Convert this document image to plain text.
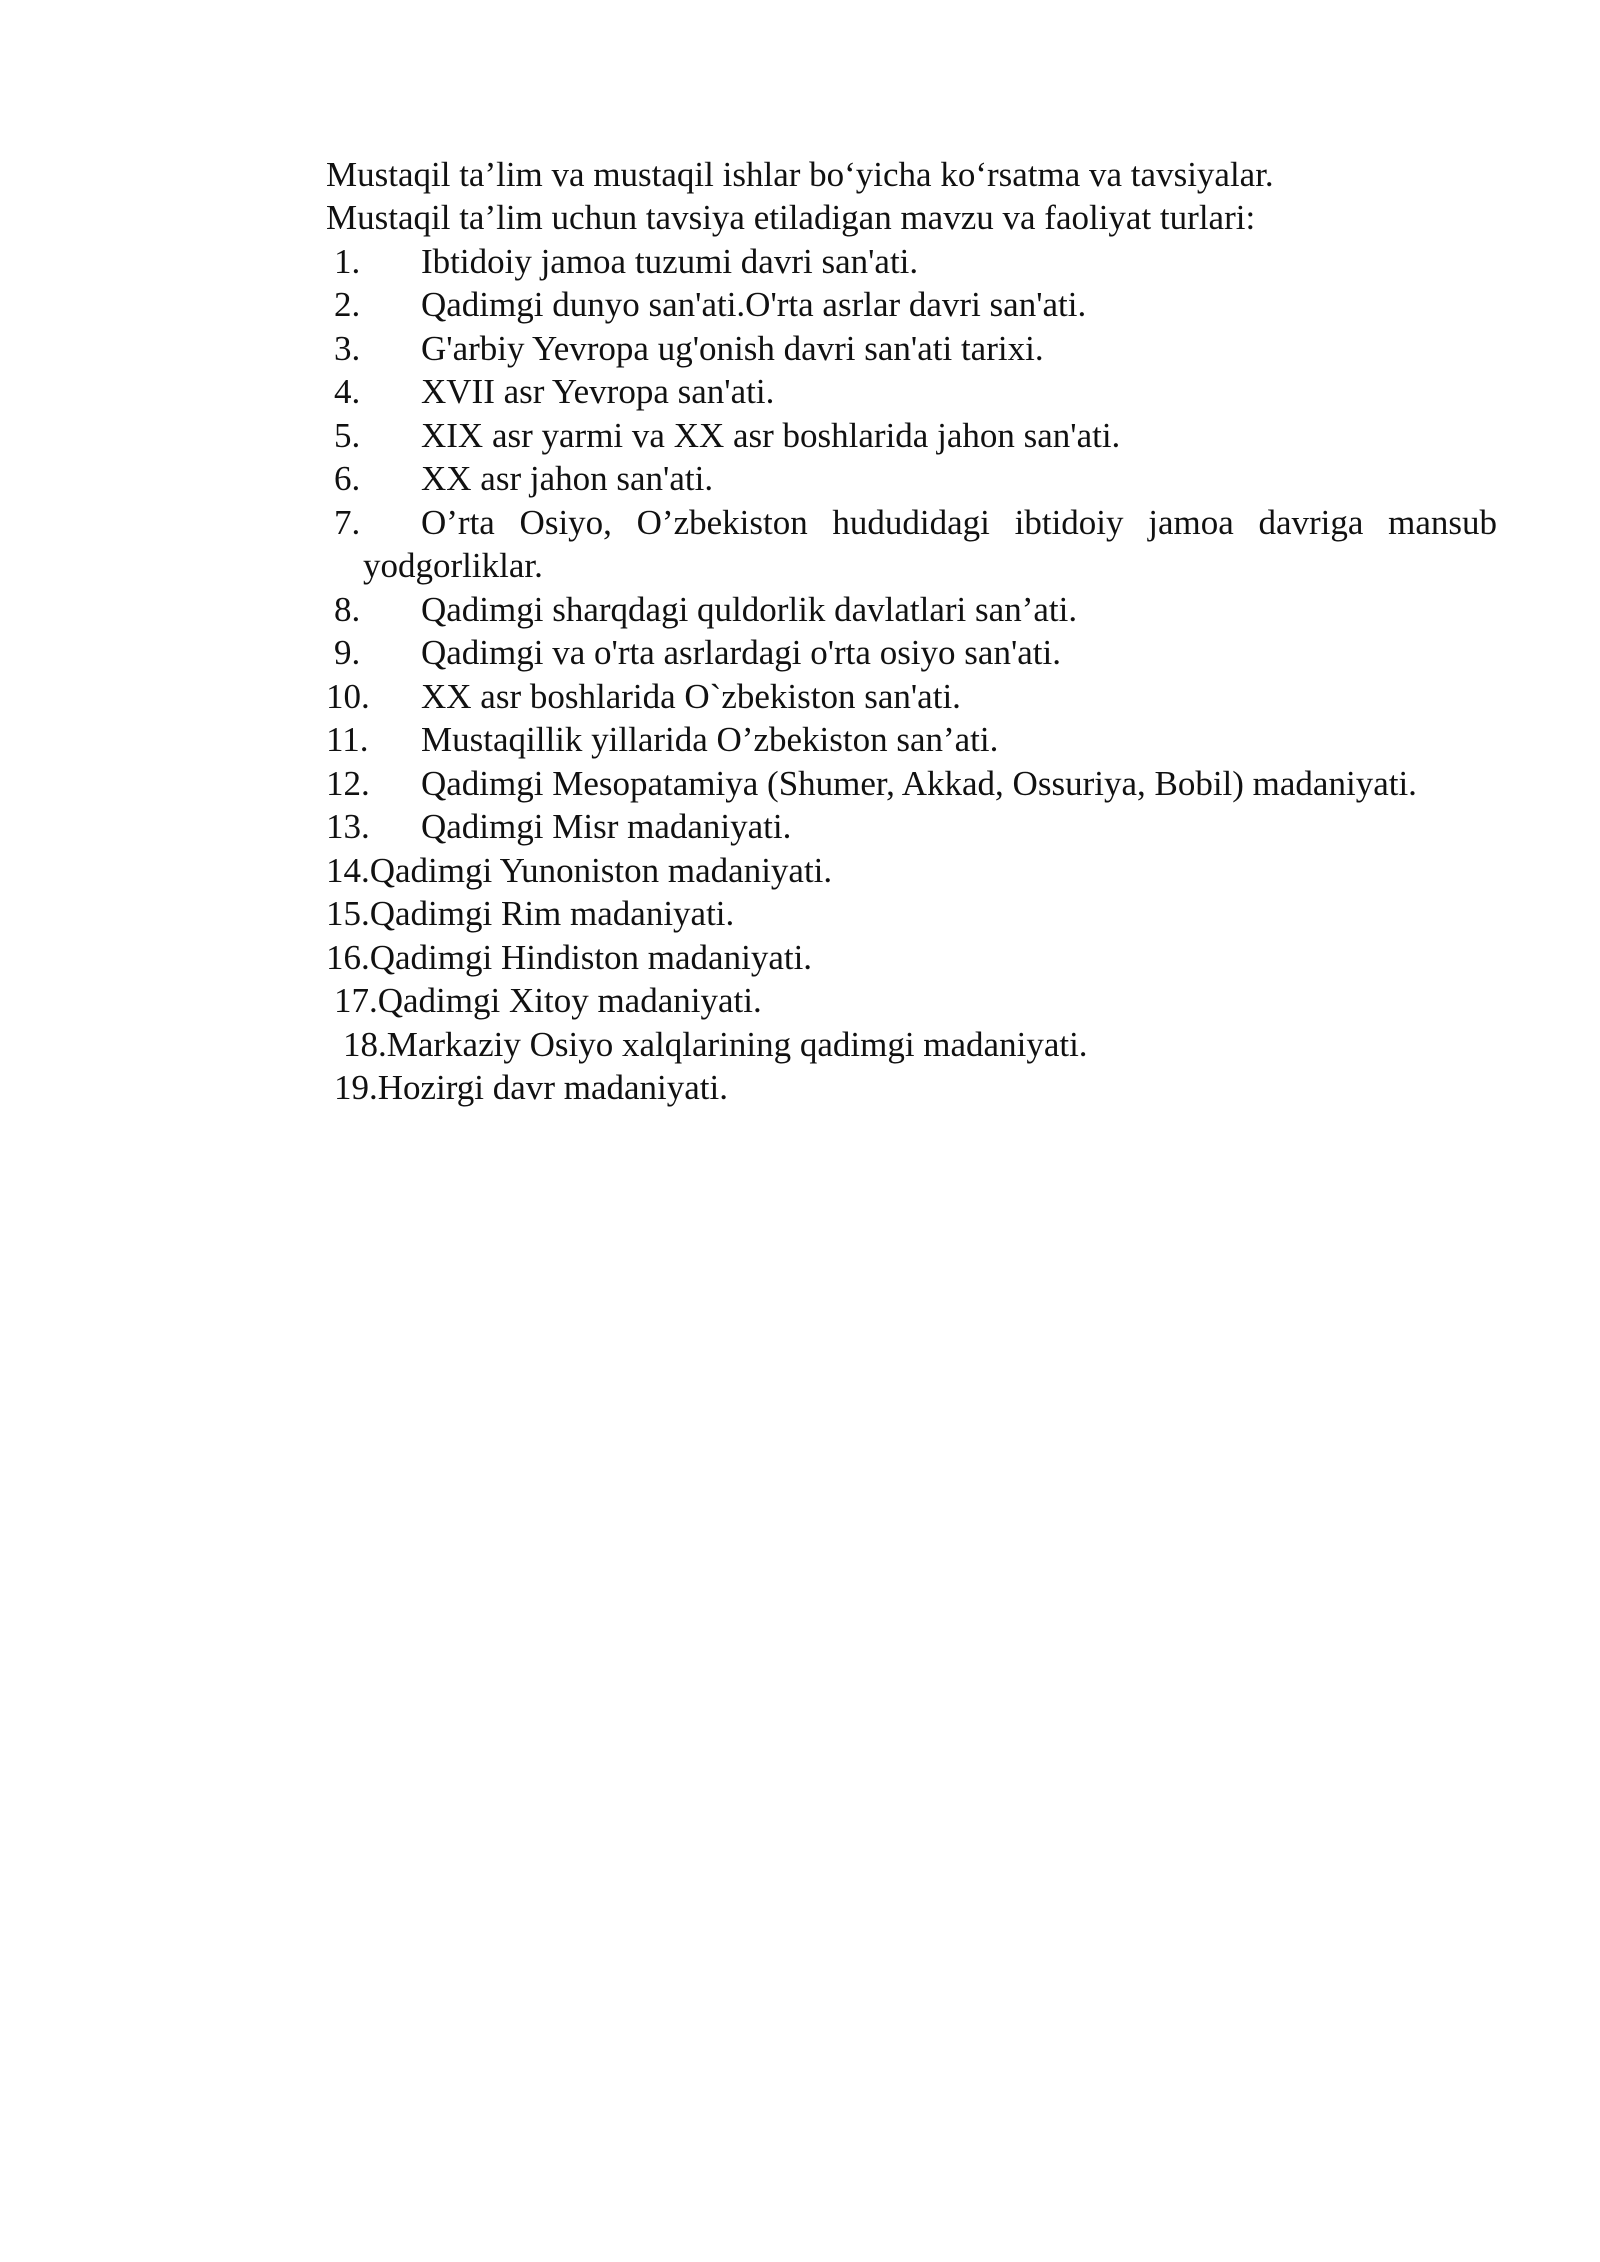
Mustaqil ta’lim va mustaqil ishlar bo‘yicha ko‘rsatma va tavsiyalar.
Mustaqil ta’lim uchun tavsiya etiladigan mavzu va faoliyat turlari:
1. Ibtidoiy jamoa tuzumi davri san'ati.
2. Qadimgi dunyo san'ati.O'rta asrlar davri san'ati.
3. G'arbiy Yevropa ug'onish davri san'ati tarixi.
4. XVII asr Yevropa san'ati.
5. XIX asr yarmi va XX asr boshlarida jahon san'ati.
6. XX asr jahon san'ati.
7. O’rta Osiyo, O’zbekiston hududidagi ibtidoiy jamoa davriga mansub
yodgorliklar.
8. Qadimgi sharqdagi quldorlik davlatlari san’ati.
9. Qadimgi va o'rta asrlardagi o'rta osiyo san'ati.
10. XX asr boshlarida O`zbekiston san'ati.
11. Mustaqillik yillarida O’zbekiston san’ati.
12. Qadimgi Mesopatamiya (Shumer, Akkad, Ossuriya, Bobil) madaniyati.
13. Qadimgi Misr madaniyati.
14.Qadimgi Yunoniston madaniyati.
15.Qadimgi Rim madaniyati.
16.Qadimgi Hindiston madaniyati.
17.Qadimgi Xitoy madaniyati.
18.Markaziy Osiyo xalqlarining qadimgi madaniyati.
19.Hozirgi davr madaniyati.
